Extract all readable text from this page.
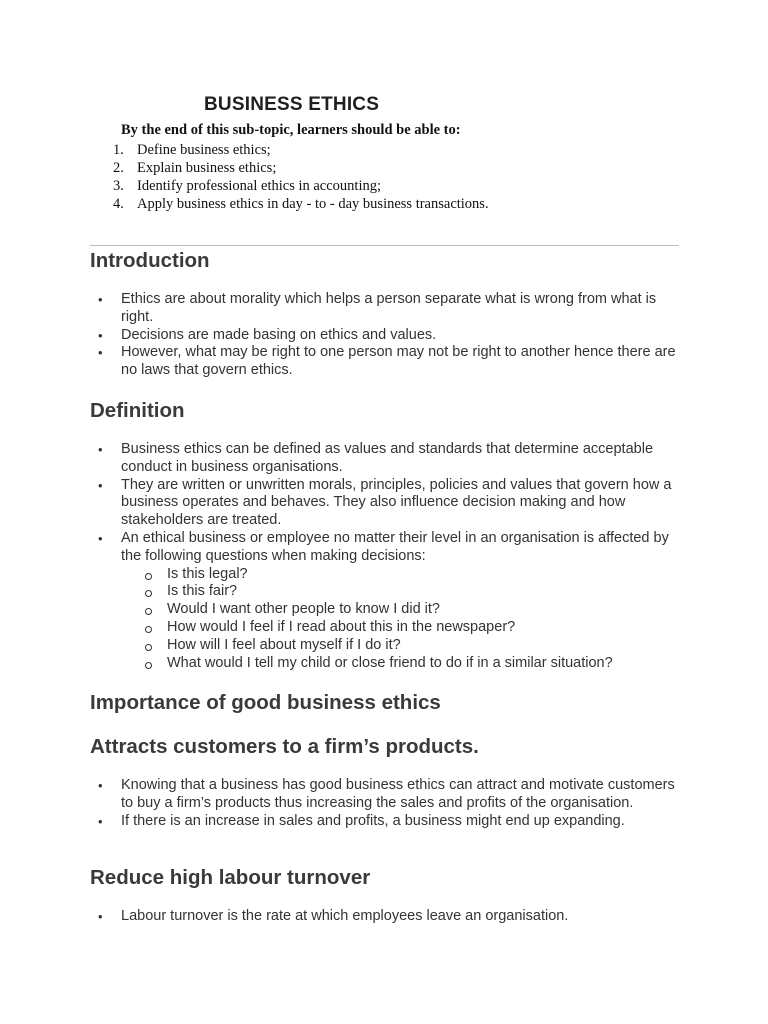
BUSINESS ETHICS

By the end of this sub-topic, learners should be able to:

1. Define business ethics;
2. Explain business ethics;
3. Identify professional ethics in accounting;
4. Apply business ethics in day - to - day business transactions.
Introduction
• Ethics are about morality which helps a person separate what is wrong from what is right.
• Decisions are made basing on ethics and values.
• However, what may be right to one person may not be right to another hence there are no laws that govern ethics.
Definition
• Business ethics can be defined as values and standards that determine acceptable conduct in business organisations.
• They are written or unwritten morals, principles, policies and values that govern how a business operates and behaves. They also influence decision making and how stakeholders are treated.
• An ethical business or employee no matter their level in an organisation is affected by the following questions when making decisions:
Is this legal?
Is this fair?
Would I want other people to know I did it?
How would I feel if I read about this in the newspaper?
How will I feel about myself if I do it?
What would I tell my child or close friend to do if in a similar situation?
Importance of good business ethics
Attracts customers to a firm’s products.
• Knowing that a business has good business ethics can attract and motivate customers to buy a firm’s products thus increasing the sales and profits of the organisation.
• If there is an increase in sales and profits, a business might end up expanding.
Reduce high labour turnover
• Labour turnover is the rate at which employees leave an organisation.
